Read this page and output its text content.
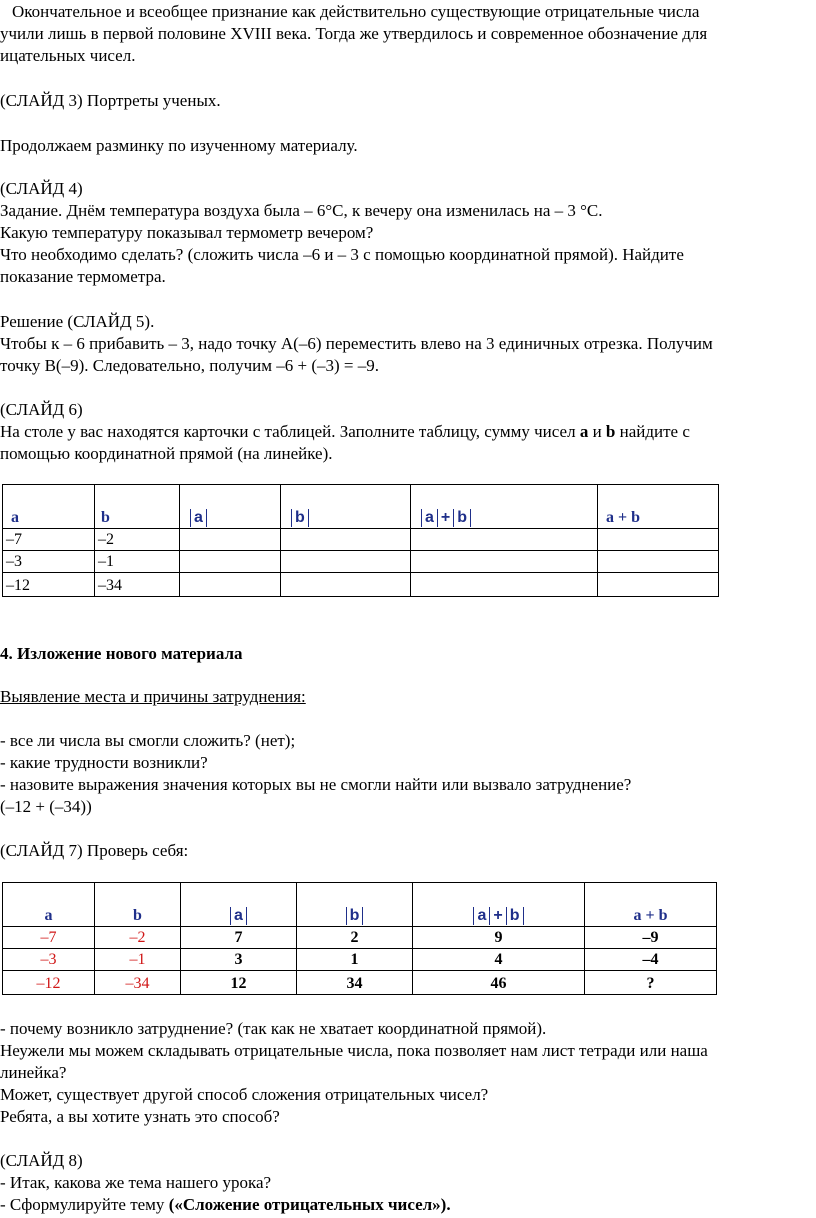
Окончательное и всеобщее признание как действительно существующие отрицательные числа
учили лишь в первой половине XVIII века. Тогда же утвердилось и современное обозначение для
ицательных чисел.
(СЛАЙД 3) Портреты ученых.
Продолжаем разминку по изученному материалу.
(СЛАЙД 4)
Задание. Днём температура воздуха была – 6°С, к вечеру она изменилась на – 3 °С.
Какую температуру показывал термометр вечером?
Что необходимо сделать? (сложить числа –6 и – 3 с помощью координатной прямой). Найдите
показание термометра.
Решение (СЛАЙД 5).
Чтобы к – 6 прибавить – 3, надо точку А(–6) переместить влево на 3 единичных отрезка. Получим
точку В(–9). Следовательно, получим –6 + (–3) = –9.
(СЛАЙД 6)
На столе у вас находятся карточки с таблицей. Заполните таблицу, сумму чисел a и b найдите с
помощью координатной прямой (на линейке).
a	b	a	b	a + b	a + b
–7	–2				
–3	–1				
–12	–34				
4. Изложение нового материала
Выявление места и причины затруднения:
- все ли числа вы смогли сложить? (нет);
- какие трудности возникли?
- назовите выражения значения которых вы не смогли найти или вызвало затруднение?
(–12 + (–34))
(СЛАЙД 7) Проверь себя:
a	b	a	b	a + b	a + b
–7	–2	7	2	9	–9
–3	–1	3	1	4	–4
–12	–34	12	34	46	?
- почему возникло затруднение? (так как не хватает координатной прямой).
Неужели мы можем складывать отрицательные числа, пока позволяет нам лист тетради или наша
линейка?
Может, существует другой способ сложения отрицательных чисел?
Ребята, а вы хотите узнать это способ?
(СЛАЙД 8)
- Итак, какова же тема нашего урока?
- Сформулируйте тему («Сложение отрицательных чисел»).
